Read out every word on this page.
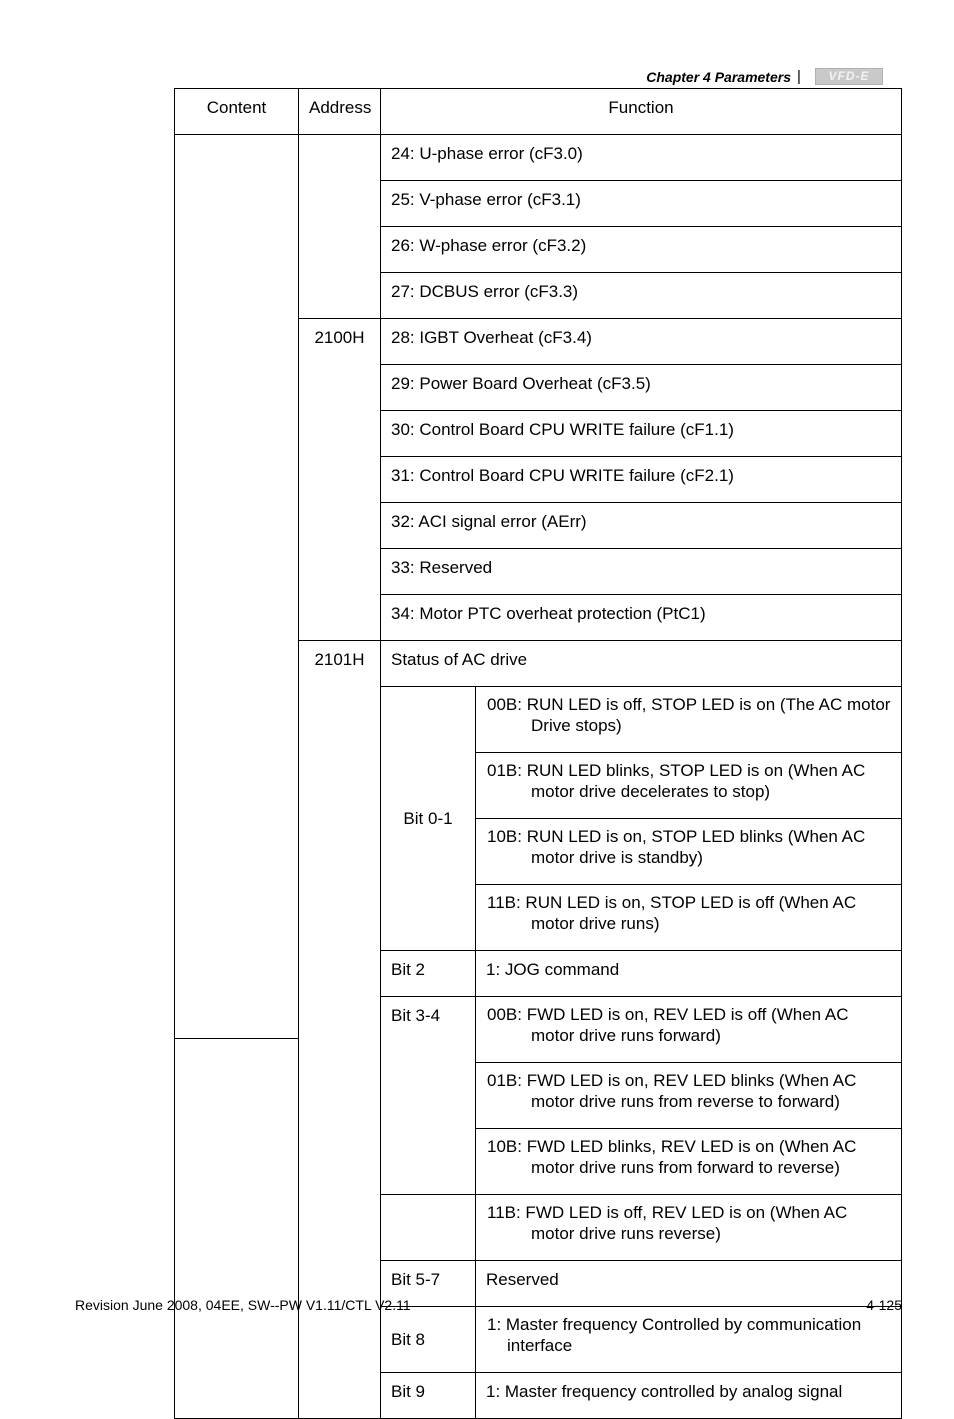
Chapter 4 Parameters |	VFD-E
Content	Address	Function	
		24: U-phase error (cF3.0)	
		25: V-phase error (cF3.1)	
		26: W-phase error (cF3.2)	
		27: DCBUS error (cF3.3)	
	2100H	28: IGBT Overheat (cF3.4)	
		29: Power Board Overheat (cF3.5)	
		30: Control Board CPU WRITE failure (cF1.1)	
		31: Control Board CPU WRITE failure (cF2.1)	
		32: ACI signal error (AErr)	
		33: Reserved	
		34: Motor PTC overheat protection (PtC1)	
	2101H	Status of AC drive	
		Bit 0-1	00B: RUN LED is off, STOP LED is on (The AC motor Drive stops)
			01B: RUN LED blinks, STOP LED is on (When AC motor drive decelerates to stop)
			10B: RUN LED is on, STOP LED blinks (When AC motor drive is standby)
			11B: RUN LED is on, STOP LED is off (When AC motor drive runs)
		Bit 2	1: JOG command
		Bit 3-4	00B: FWD LED is on, REV LED is off (When AC motor drive runs forward)
			01B: FWD LED is on, REV LED blinks (When AC motor drive runs from reverse to forward)
			10B: FWD LED blinks, REV LED is on (When AC motor drive runs from forward to reverse)
			11B: FWD LED is off, REV LED is on (When AC motor drive runs reverse)
		Bit 5-7	Reserved
		Bit 8	1: Master frequency Controlled by communication interface
		Bit 9	1: Master frequency controlled by analog signal
Revision June 2008, 04EE, SW--PW V1.11/CTL V2.11	4-125
